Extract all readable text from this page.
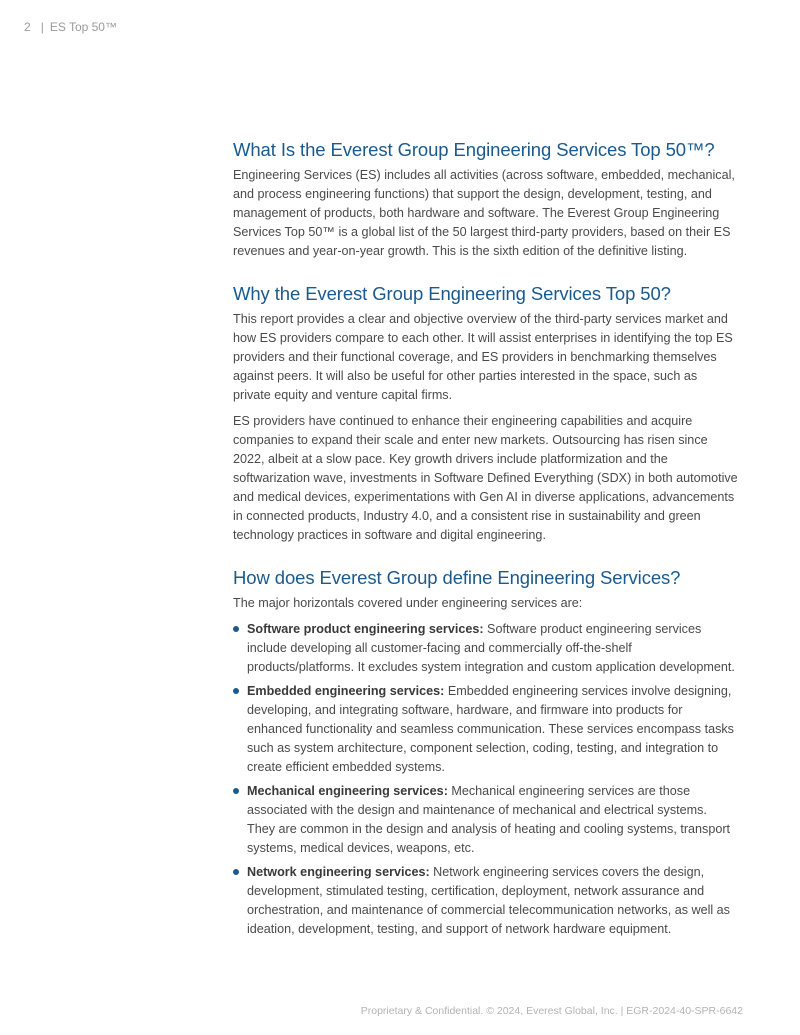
2 | ES Top 50™
What Is the Everest Group Engineering Services Top 50™?

Engineering Services (ES) includes all activities (across software, embedded, mechanical, and process engineering functions) that support the design, development, testing, and management of products, both hardware and software. The Everest Group Engineering Services Top 50™ is a global list of the 50 largest third-party providers, based on their ES revenues and year-on-year growth. This is the sixth edition of the definitive listing.

Why the Everest Group Engineering Services Top 50?

This report provides a clear and objective overview of the third-party services market and how ES providers compare to each other. It will assist enterprises in identifying the top ES providers and their functional coverage, and ES providers in benchmarking themselves against peers. It will also be useful for other parties interested in the space, such as private equity and venture capital firms.

ES providers have continued to enhance their engineering capabilities and acquire companies to expand their scale and enter new markets. Outsourcing has risen since 2022, albeit at a slow pace. Key growth drivers include platformization and the softwarization wave, investments in Software Defined Everything (SDX) in both automotive and medical devices, experimentations with Gen AI in diverse applications, advancements in connected products, Industry 4.0, and a consistent rise in sustainability and green technology practices in software and digital engineering.

How does Everest Group define Engineering Services?

The major horizontals covered under engineering services are:

Software product engineering services: Software product engineering services include developing all customer-facing and commercially off-the-shelf products/platforms. It excludes system integration and custom application development.
Embedded engineering services: Embedded engineering services involve designing, developing, and integrating software, hardware, and firmware into products for enhanced functionality and seamless communication. These services encompass tasks such as system architecture, component selection, coding, testing, and integration to create efficient embedded systems.
Mechanical engineering services: Mechanical engineering services are those associated with the design and maintenance of mechanical and electrical systems. They are common in the design and analysis of heating and cooling systems, transport systems, medical devices, weapons, etc.
Network engineering services: Network engineering services covers the design, development, stimulated testing, certification, deployment, network assurance and orchestration, and maintenance of commercial telecommunication networks, as well as ideation, development, testing, and support of network hardware equipment.
Proprietary & Confidential. © 2024, Everest Global, Inc. | EGR-2024-40-SPR-6642
